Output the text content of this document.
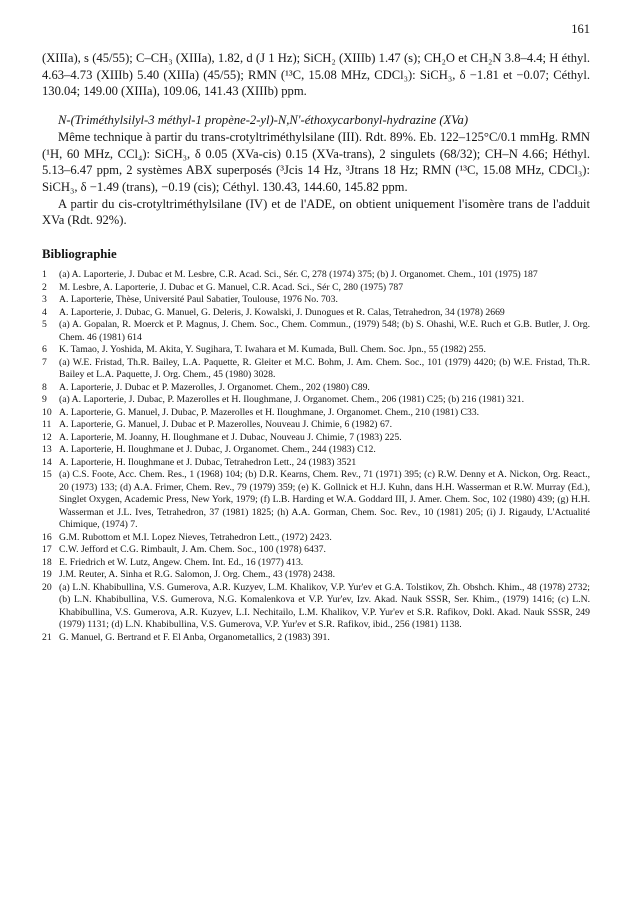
161

(XIIIa), s (45/55); C–CH₃ (XIIIa), 1.82, d (J 1 Hz); SiCH₂ (XIIIb) 1.47 (s); CH₂O et CH₂N 3.8–4.4; H éthyl. 4.63–4.73 (XIIIb) 5.40 (XIIIa) (45/55); RMN (¹³C, 15.08 MHz, CDCl₃): SiCH₃, δ −1.81 et −0.07; Céthyl. 130.04; 149.00 (XIIIa), 109.06, 141.43 (XIIIb) ppm.

N-(Triméthylsilyl-3 méthyl-1 propène-2-yl)-N,N'-éthoxycarbonyl-hydrazine (XVa)

Même technique à partir du trans-crotyltriméthylsilane (III). Rdt. 89%. Eb. 122–125°C/0.1 mmHg. RMN (¹H, 60 MHz, CCl₄): SiCH₃, δ 0.05 (XVa-cis) 0.15 (XVa-trans), 2 singulets (68/32); CH–N 4.66; Héthyl. 5.13–6.47 ppm, 2 systèmes ABX superposés (³Jcis 14 Hz, ³Jtrans 18 Hz; RMN (¹³C, 15.08 MHz, CDCl₃): SiCH₃, δ −1.49 (trans), −0.19 (cis); Céthyl. 130.43, 144.60, 145.82 ppm.

A partir du cis-crotyltriméthylsilane (IV) et de l'ADE, on obtient uniquement l'isomère trans de l'adduit XVa (Rdt. 92%).

Bibliographie
1	(a) A. Laporterie, J. Dubac et M. Lesbre, C.R. Acad. Sci., Sér. C, 278 (1974) 375; (b) J. Organomet. Chem., 101 (1975) 187
2	M. Lesbre, A. Laporterie, J. Dubac et G. Manuel, C.R. Acad. Sci., Sér C, 280 (1975) 787
3	A. Laporterie, Thèse, Université Paul Sabatier, Toulouse, 1976 No. 703.
4	A. Laporterie, J. Dubac, G. Manuel, G. Deleris, J. Kowalski, J. Dunogues et R. Calas, Tetrahedron, 34 (1978) 2669
5	(a) A. Gopalan, R. Moerck et P. Magnus, J. Chem. Soc., Chem. Commun., (1979) 548; (b) S. Ohashi, W.E. Ruch et G.B. Butler, J. Org. Chem. 46 (1981) 614
6	K. Tamao, J. Yoshida, M. Akita, Y. Sugihara, T. Iwahara et M. Kumada, Bull. Chem. Soc. Jpn., 55 (1982) 255.
7	(a) W.E. Fristad, Th.R. Bailey, L.A. Paquette, R. Gleiter et M.C. Bohm, J. Am. Chem. Soc., 101 (1979) 4420; (b) W.E. Fristad, Th.R. Bailey et L.A. Paquette, J. Org. Chem., 45 (1980) 3028.
8	A. Laporterie, J. Dubac et P. Mazerolles, J. Organomet. Chem., 202 (1980) C89.
9	(a) A. Laporterie, J. Dubac, P. Mazerolles et H. Iloughmane, J. Organomet. Chem., 206 (1981) C25; (b) 216 (1981) 321.
10 A. Laporterie, G. Manuel, J. Dubac, P. Mazerolles et H. Iloughmane, J. Organomet. Chem., 210 (1981) C33.
11 A. Laporterie, G. Manuel, J. Dubac et P. Mazerolles, Nouveau J. Chimie, 6 (1982) 67.
12 A. Laporterie, M. Joanny, H. Iloughmane et J. Dubac, Nouveau J. Chimie, 7 (1983) 225.
13 A. Laporterie, H. Iloughmane et J. Dubac, J. Organomet. Chem., 244 (1983) C12.
14 A. Laporterie, H. Iloughmane et J. Dubac, Tetrahedron Lett., 24 (1983) 3521
15 (a) C.S. Foote, Acc. Chem. Res., 1 (1968) 104; (b) D.R. Kearns, Chem. Rev., 71 (1971) 395; (c) R.W. Denny et A. Nickon, Org. React., 20 (1973) 133; (d) A.A. Frimer, Chem. Rev., 79 (1979) 359; (e) K. Gollnick et H.J. Kuhn, dans H.H. Wasserman et R.W. Murray (Ed.), Singlet Oxygen, Academic Press, New York, 1979; (f) L.B. Harding et W.A. Goddard III, J. Amer. Chem. Soc, 102 (1980) 439; (g) H.H. Wasserman et J.L. Ives, Tetrahedron, 37 (1981) 1825; (h) A.A. Gorman, Chem. Soc. Rev., 10 (1981) 205; (i) J. Rigaudy, L'Actualité Chimique, (1974) 7.
16 G.M. Rubottom et M.I. Lopez Nieves, Tetrahedron Lett., (1972) 2423.
17 C.W. Jefford et C.G. Rimbault, J. Am. Chem. Soc., 100 (1978) 6437.
18 E. Friedrich et W. Lutz, Angew. Chem. Int. Ed., 16 (1977) 413.
19 J.M. Reuter, A. Sinha et R.G. Salomon, J. Org. Chem., 43 (1978) 2438.
20 (a) L.N. Khabibullina, V.S. Gumerova, A.R. Kuzyev, L.M. Khalikov, V.P. Yur'ev et G.A. Tolstikov, Zh. Obshch. Khim., 48 (1978) 2732; (b) L.N. Khabibullina, V.S. Gumerova, N.G. Komalenkova et V.P. Yur'ev, Izv. Akad. Nauk SSSR, Ser. Khim., (1979) 1416; (c) L.N. Khabibullina, V.S. Gumerova, A.R. Kuzyev, L.I. Nechitailo, L.M. Khalikov, V.P. Yur'ev et S.R. Rafikov, Dokl. Akad. Nauk SSSR, 249 (1979) 1131; (d) L.N. Khabibullina, V.S. Gumerova, V.P. Yur'ev et S.R. Rafikov, ibid., 256 (1981) 1138.
21 G. Manuel, G. Bertrand et F. El Anba, Organometallics, 2 (1983) 391.
